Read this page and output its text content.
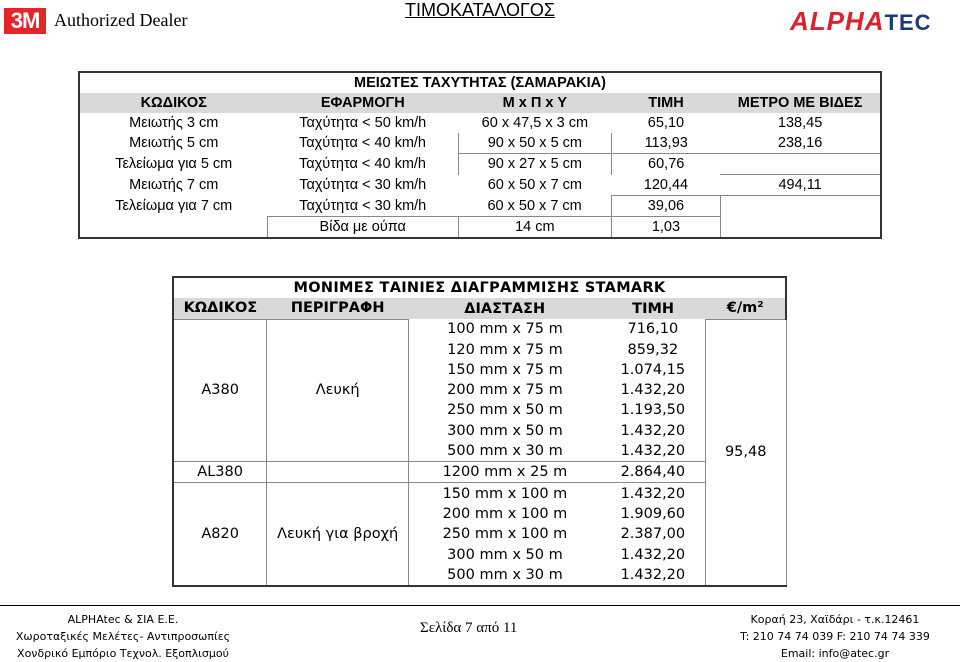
3M Authorized Dealer	ΤΙΜΟΚΑΤΑΛΟΓΟΣ	ALPHATEC
ΜΕΙΩΤΕΣ ΤΑΧΥΤΗΤΑΣ (ΣΑΜΑΡΑΚΙΑ)				
ΚΩΔΙΚΟΣ	ΕΦΑΡΜΟΓΗ	Μ x Π x Υ	ΤΙΜΗ	ΜΕΤΡΟ ΜΕ ΒΙΔΕΣ
Μειωτής 3 cm	Ταχύτητα < 50 km/h	60 x 47,5 x 3 cm	65,10	138,45
Μειωτής 5 cm	Ταχύτητα < 40 km/h	90 x 50 x 5 cm	113,93	238,16
Τελείωμα για 5 cm	Ταχύτητα < 40 km/h	90 x 27 x 5 cm	60,76	
Μειωτής 7 cm	Ταχύτητα < 30 km/h	60 x 50 x 7 cm	120,44	494,11
Τελείωμα για 7 cm	Ταχύτητα < 30 km/h	60 x 50 x 7 cm	39,06	
	Βίδα με ούπα	14 cm	1,03	
ΜΟΝΙΜΕΣ ΤΑΙΝΙΕΣ ΔΙΑΓΡΑΜΜΙΣΗΣ STAMARK				
ΚΩΔΙΚΟΣ	ΠΕΡΙΓΡΑΦΗ	ΔΙΑΣΤΑΣΗ	ΤΙΜΗ	€/m²
A380	Λευκή	100 mm x 75 m	716,10	95,48
		120 mm x 75 m	859,32	
		150 mm x 75 m	1.074,15	
		200 mm x 75 m	1.432,20	
		250 mm x 50 m	1.193,50	
		300 mm x 50 m	1.432,20	
		500 mm x 30 m	1.432,20	
AL380		1200 mm x 25 m	2.864,40	
A820	Λευκή για βροχή	150 mm x 100 m	1.432,20	
		200 mm x 100 m	1.909,60	
		250 mm x 100 m	2.387,00	
		300 mm x 50 m	1.432,20	
		500 mm x 30 m	1.432,20	
ALPHAtec & ΣΙΑ Ε.Ε.
Χωροταξικές Μελέτες- Αντιπροσωπίες
Χονδρικό Εμπόριο Τεχνολ. Εξοπλισμού
Σελίδα 7 από 11
Κοραή 23, Χαϊδάρι - τ.κ.12461
T: 210 74 74 039 F: 210 74 74 339
Email: info@atec.gr
